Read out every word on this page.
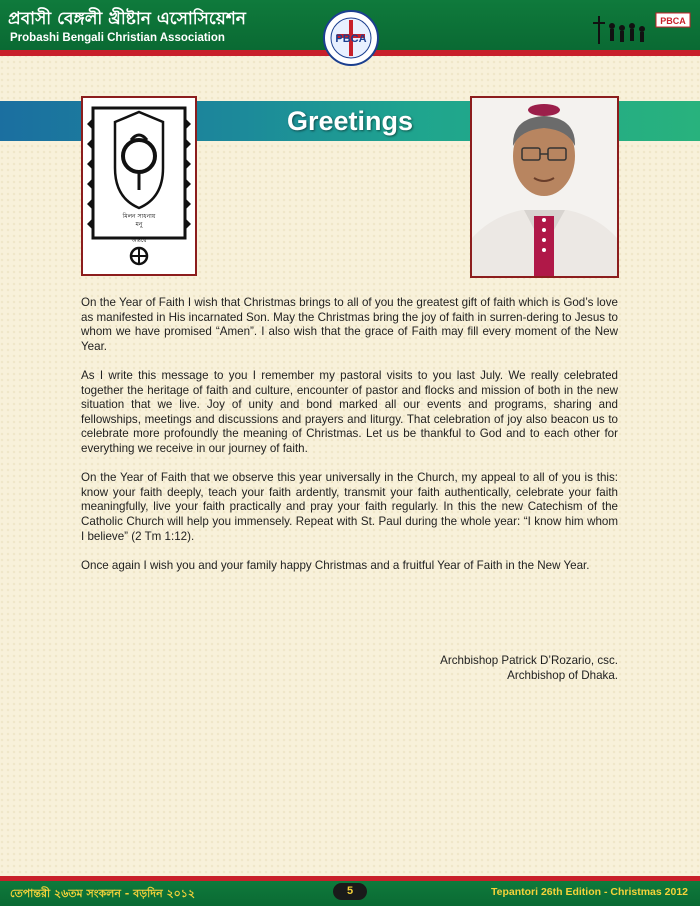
প্রবাসী বেঙ্গলী খ্রীষ্টান এসোসিয়েশন
Probashi Bengali Christian Association	PBCA
PBCA
Greetings
মিলন সাধনায়
মনু
অন্তরে

On the Year of Faith I wish that Christmas brings to all of you the greatest gift of faith which is God’s love as manifested in His incarnated Son. May the Christmas bring the joy of faith in surren-dering to Jesus to whom we have promised “Amen”. I also wish that the grace of Faith may fill every moment of the New Year.

As I write this message to you I remember my pastoral visits to you last July. We really celebrated together the heritage of faith and culture, encounter of pastor and flocks and mission of both in the new situation that we live. Joy of unity and bond marked all our events and programs, sharing and fellowships, meetings and discussions and prayers and liturgy. That celebration of joy also beacon us to celebrate more profoundly the meaning of Christmas. Let us be thankful to God and to each other for everything we receive in our journey of faith.

On the Year of Faith that we observe this year universally in the Church, my appeal to all of you is this: know your faith deeply, teach your faith ardently, transmit your faith authentically, celebrate your faith meaningfully, live your faith practically and pray your faith regularly. In this the new Catechism of the Catholic Church will help you immensely. Repeat with St. Paul during the whole year: “I know him whom I believe” (2 Tm 1:12).

Once again I wish you and your family happy Christmas and a fruitful Year of Faith in the New Year.

Archbishop Patrick D’Rozario, csc.
Archbishop of Dhaka.
তেপান্তরী ২৬তম সংকলন - বড়দিন ২০১২	5	Tepantori 26th Edition - Christmas 2012
